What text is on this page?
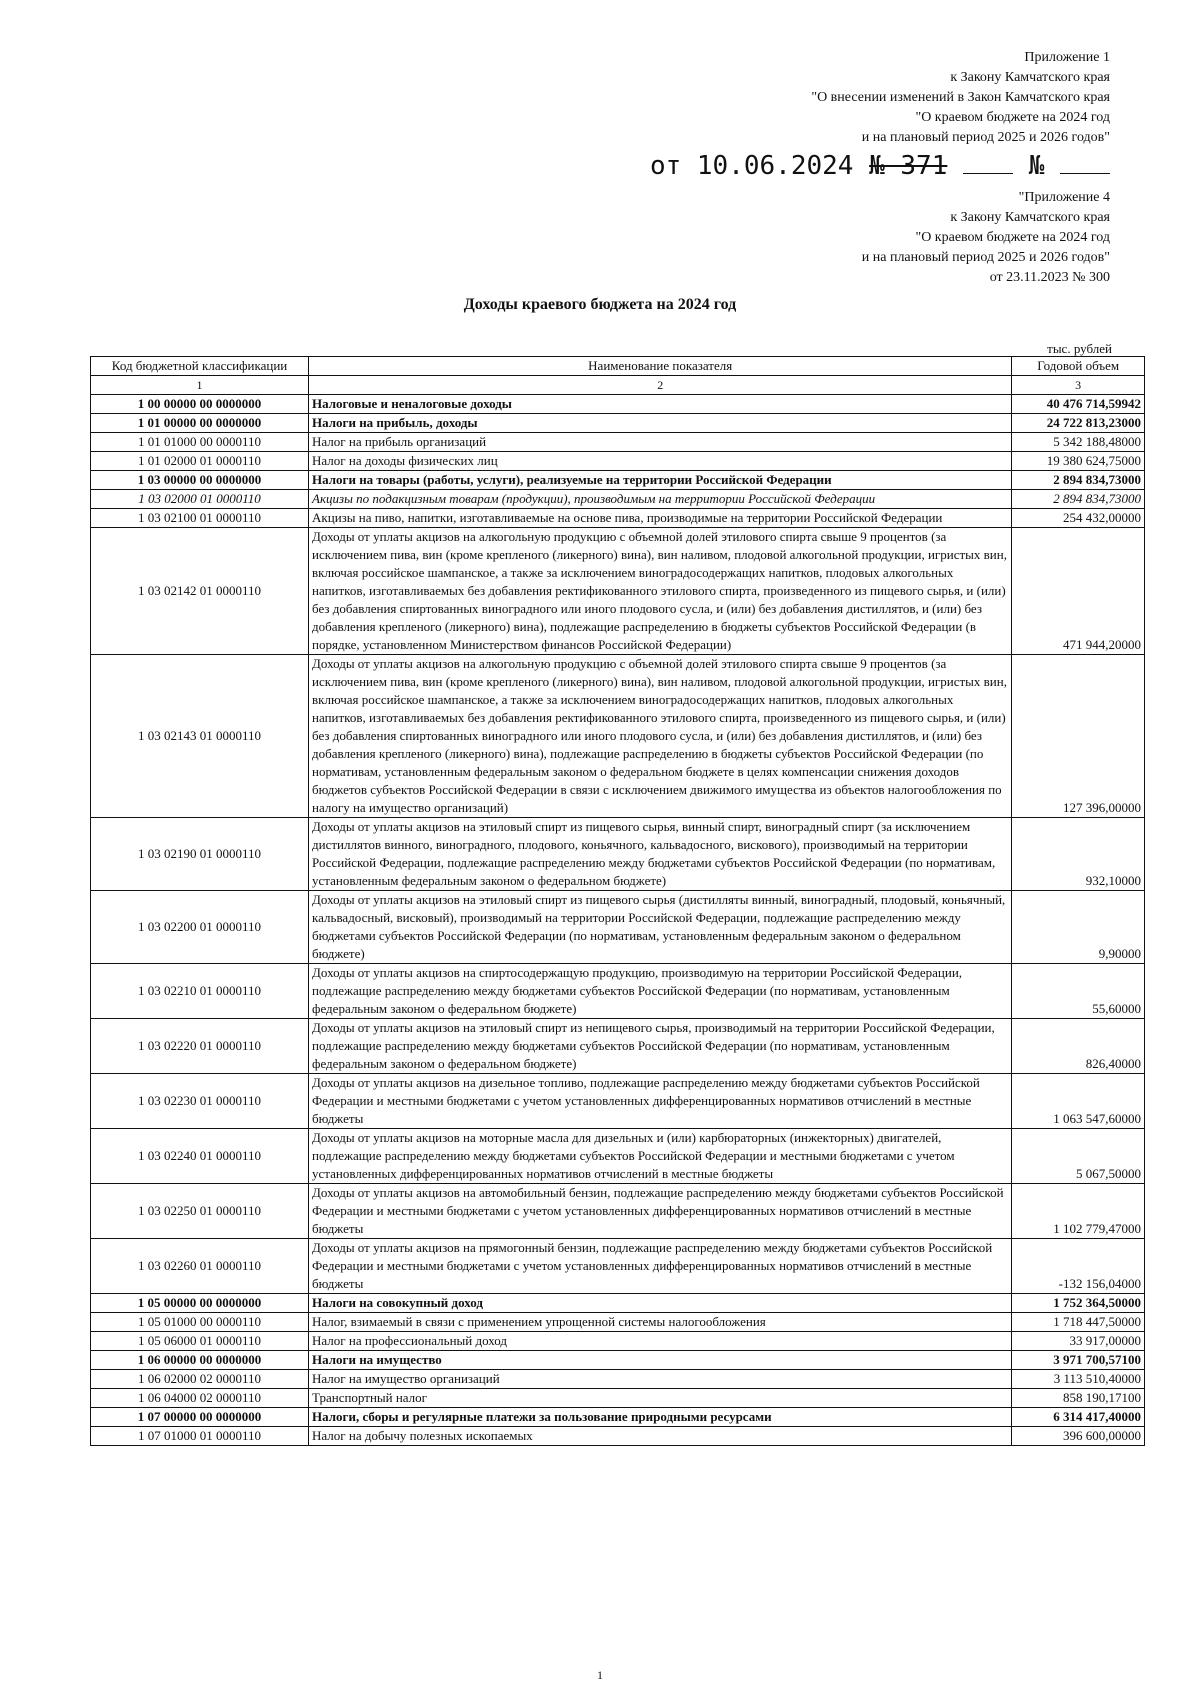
Приложение 1
к Закону Камчатского края
"О внесении изменений в Закон Камчатского края
"О краевом бюджете на 2024 год
и на плановый период 2025 и 2026 годов"
от 10.06.2024 № 371	№
"Приложение 4
к Закону Камчатского края
"О краевом бюджете на 2024 год
и на плановый период 2025 и 2026 годов"
от 23.11.2023 № 300
Доходы краевого бюджета на 2024 год
тыс. рублей
Код бюджетной классификации	Наименование показателя	Годовой объем
1	2	3
1 00 00000 00 0000000	Налоговые и неналоговые доходы	40 476 714,59942
1 01 00000 00 0000000	Налоги на прибыль, доходы	24 722 813,23000
1 01 01000 00 0000110	Налог на прибыль организаций	5 342 188,48000
1 01 02000 01 0000110	Налог на доходы физических лиц	19 380 624,75000
1 03 00000 00 0000000	Налоги на товары (работы, услуги), реализуемые на территории Российской Федерации	2 894 834,73000
1 03 02000 01 0000110	Акцизы по подакцизным товарам (продукции), производимым на территории Российской Федерации	2 894 834,73000
1 03 02100 01 0000110	Акцизы на пиво, напитки, изготавливаемые на основе пива, производимые на территории Российской Федерации	254 432,00000
1 03 02142 01 0000110	Доходы от уплаты акцизов на алкогольную продукцию с объемной долей этилового спирта свыше 9 процентов (за исключением пива, вин (кроме крепленого (ликерного) вина), вин наливом, плодовой алкогольной продукции, игристых вин, включая российское шампанское, а также за исключением виноградосодержащих напитков, плодовых алкогольных напитков, изготавливаемых без добавления ректификованного этилового спирта, произведенного из пищевого сырья, и (или) без добавления спиртованных виноградного или иного плодового сусла, и (или) без добавления дистиллятов, и (или) без добавления крепленого (ликерного) вина), подлежащие распределению в бюджеты субъектов Российской Федерации (в порядке, установленном Министерством финансов Российской Федерации)	471 944,20000
1 03 02143 01 0000110	Доходы от уплаты акцизов на алкогольную продукцию с объемной долей этилового спирта свыше 9 процентов (за исключением пива, вин (кроме крепленого (ликерного) вина), вин наливом, плодовой алкогольной продукции, игристых вин, включая российское шампанское, а также за исключением виноградосодержащих напитков, плодовых алкогольных напитков, изготавливаемых без добавления ректификованного этилового спирта, произведенного из пищевого сырья, и (или) без добавления спиртованных виноградного или иного плодового сусла, и (или) без добавления дистиллятов, и (или) без добавления крепленого (ликерного) вина), подлежащие распределению в бюджеты субъектов Российской Федерации (по нормативам, установленным федеральным законом о федеральном бюджете в целях компенсации снижения доходов бюджетов субъектов Российской Федерации в связи с исключением движимого имущества из объектов налогообложения по налогу на имущество организаций)	127 396,00000
1 03 02190 01 0000110	Доходы от уплаты акцизов на этиловый спирт из пищевого сырья, винный спирт, виноградный спирт (за исключением дистиллятов винного, виноградного, плодового, коньячного, кальвадосного, вискового), производимый на территории Российской Федерации, подлежащие распределению между бюджетами субъектов Российской Федерации (по нормативам, установленным федеральным законом о федеральном бюджете)	932,10000
1 03 02200 01 0000110	Доходы от уплаты акцизов на этиловый спирт из пищевого сырья (дистилляты винный, виноградный, плодовый, коньячный, кальвадосный, висковый), производимый на территории Российской Федерации, подлежащие распределению между бюджетами субъектов Российской Федерации (по нормативам, установленным федеральным законом о федеральном бюджете)	9,90000
1 03 02210 01 0000110	Доходы от уплаты акцизов на спиртосодержащую продукцию, производимую на территории Российской Федерации, подлежащие распределению между бюджетами субъектов Российской Федерации (по нормативам, установленным федеральным законом о федеральном бюджете)	55,60000
1 03 02220 01 0000110	Доходы от уплаты акцизов на этиловый спирт из непищевого сырья, производимый на территории Российской Федерации, подлежащие распределению между бюджетами субъектов Российской Федерации (по нормативам, установленным федеральным законом о федеральном бюджете)	826,40000
1 03 02230 01 0000110	Доходы от уплаты акцизов на дизельное топливо, подлежащие распределению между бюджетами субъектов Российской Федерации и местными бюджетами с учетом установленных дифференцированных нормативов отчислений в местные бюджеты	1 063 547,60000
1 03 02240 01 0000110	Доходы от уплаты акцизов на моторные масла для дизельных и (или) карбюраторных (инжекторных) двигателей, подлежащие распределению между бюджетами субъектов Российской Федерации и местными бюджетами с учетом установленных дифференцированных нормативов отчислений в местные бюджеты	5 067,50000
1 03 02250 01 0000110	Доходы от уплаты акцизов на автомобильный бензин, подлежащие распределению между бюджетами субъектов Российской Федерации и местными бюджетами с учетом установленных дифференцированных нормативов отчислений в местные бюджеты	1 102 779,47000
1 03 02260 01 0000110	Доходы от уплаты акцизов на прямогонный бензин, подлежащие распределению между бюджетами субъектов Российской Федерации и местными бюджетами с учетом установленных дифференцированных нормативов отчислений в местные бюджеты	-132 156,04000
1 05 00000 00 0000000	Налоги на совокупный доход	1 752 364,50000
1 05 01000 00 0000110	Налог, взимаемый в связи с применением упрощенной системы налогообложения	1 718 447,50000
1 05 06000 01 0000110	Налог на профессиональный доход	33 917,00000
1 06 00000 00 0000000	Налоги на имущество	3 971 700,57100
1 06 02000 02 0000110	Налог на имущество организаций	3 113 510,40000
1 06 04000 02 0000110	Транспортный налог	858 190,17100
1 07 00000 00 0000000	Налоги, сборы и регулярные платежи за пользование природными ресурсами	6 314 417,40000
1 07 01000 01 0000110	Налог на добычу полезных ископаемых	396 600,00000
1
